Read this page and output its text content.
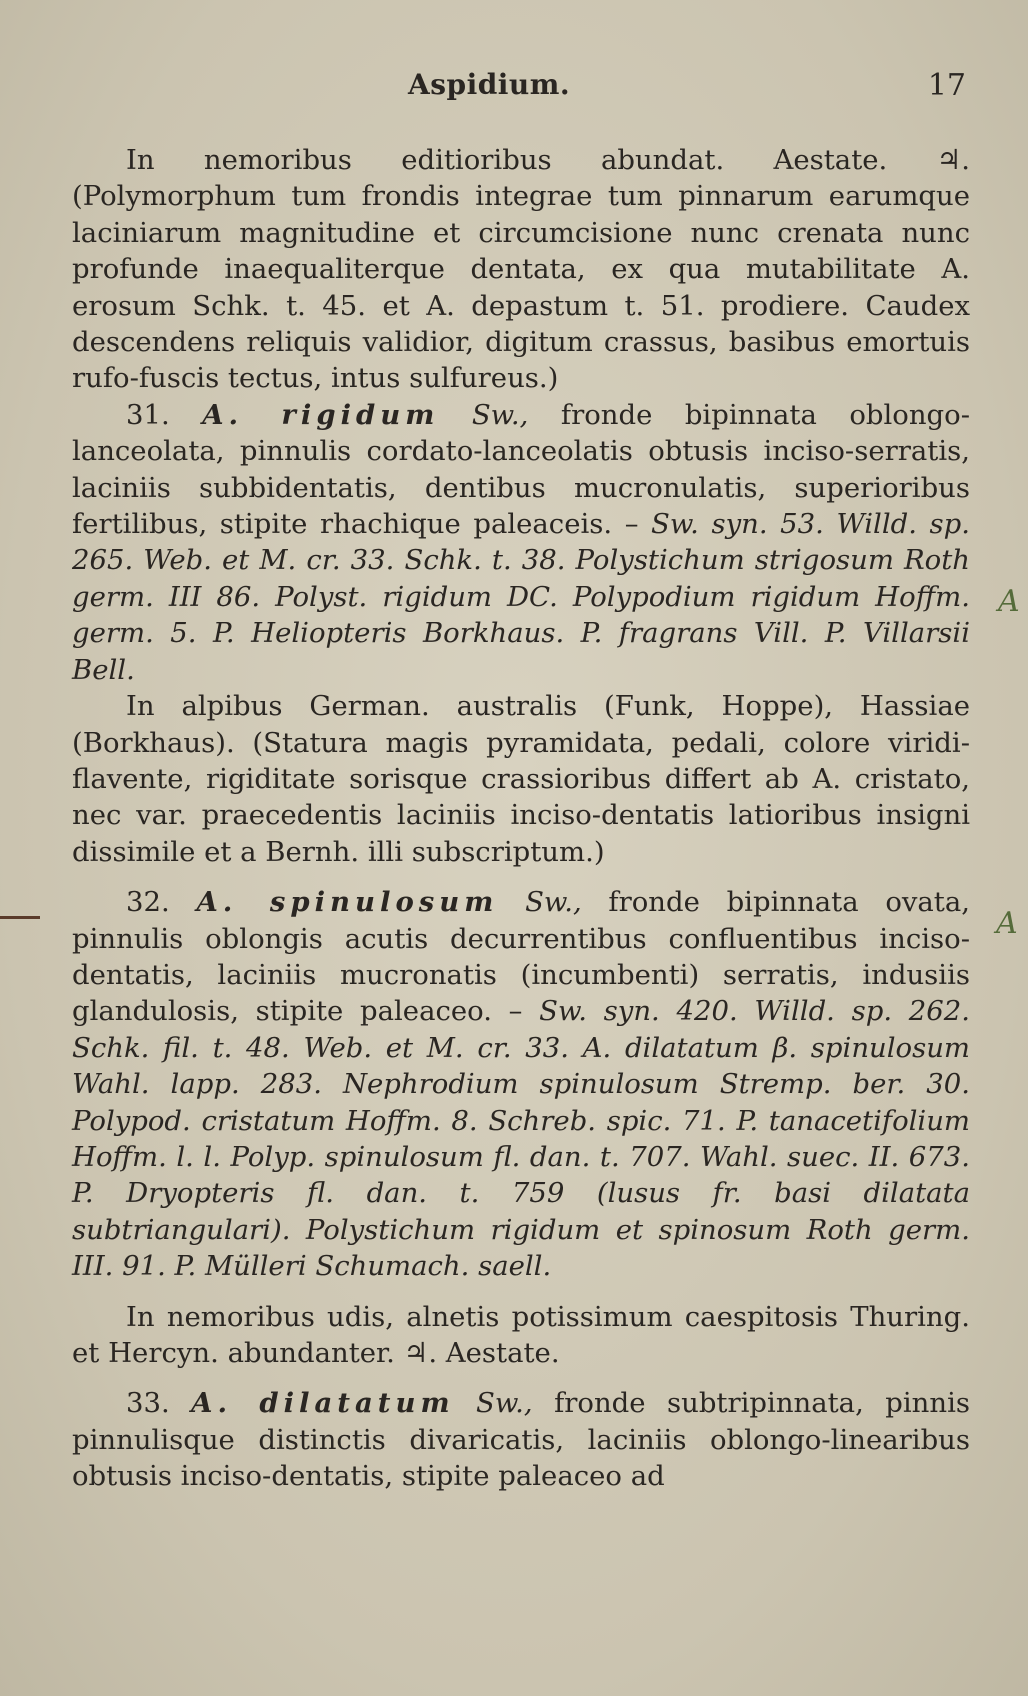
Aspidium.	17
A
A

In nemoribus editioribus abundat. Aestate. ♃. (Polymorphum tum frondis integrae tum pinnarum earumque laciniarum magnitudine et circumcisione nunc crenata nunc profunde inaequaliterque dentata, ex qua mutabilitate A. erosum Schk. t. 45. et A. depastum t. 51. prodiere. Caudex descendens reliquis validior, digitum crassus, basibus emortuis rufo-fuscis tectus, intus sulfureus.)

31. A. rigidum Sw., fronde bipinnata oblongo-lanceolata, pinnulis cordato-lanceolatis obtusis inciso-serratis, laciniis subbidentatis, dentibus mucronulatis, superioribus fertilibus, stipite rhachique paleaceis. – Sw. syn. 53. Willd. sp. 265. Web. et M. cr. 33. Schk. t. 38. Polystichum strigosum Roth germ. III 86. Polyst. rigidum DC. Polypodium rigidum Hoffm. germ. 5. P. Heliopteris Borkhaus. P. fragrans Vill. P. Villarsii Bell.

In alpibus German. australis (Funk, Hoppe), Hassiae (Borkhaus). (Statura magis pyramidata, pedali, colore viridi-flavente, rigiditate sorisque crassioribus differt ab A. cristato, nec var. praecedentis laciniis inciso-dentatis latioribus insigni dissimile et a Bernh. illi subscriptum.)

32. A. spinulosum Sw., fronde bipinnata ovata, pinnulis oblongis acutis decurrentibus confluentibus inciso-dentatis, laciniis mucronatis (incumbenti) serratis, indusiis glandulosis, stipite paleaceo. – Sw. syn. 420. Willd. sp. 262. Schk. fil. t. 48. Web. et M. cr. 33. A. dilatatum β. spinulosum Wahl. lapp. 283. Nephrodium spinulosum Stremp. ber. 30. Polypod. cristatum Hoffm. 8. Schreb. spic. 71. P. tanacetifolium Hoffm. l. l. Polyp. spinulosum fl. dan. t. 707. Wahl. suec. II. 673. P. Dryopteris fl. dan. t. 759 (lusus fr. basi dilatata subtriangulari). Polystichum rigidum et spinosum Roth germ. III. 91. P. Mülleri Schumach. saell.

In nemoribus udis, alnetis potissimum caespitosis Thuring. et Hercyn. abundanter. ♃. Aestate.

33. A. dilatatum Sw., fronde subtripinnata, pinnis pinnulisque distinctis divaricatis, laciniis oblongo-linearibus obtusis inciso-dentatis, stipite paleaceo ad
